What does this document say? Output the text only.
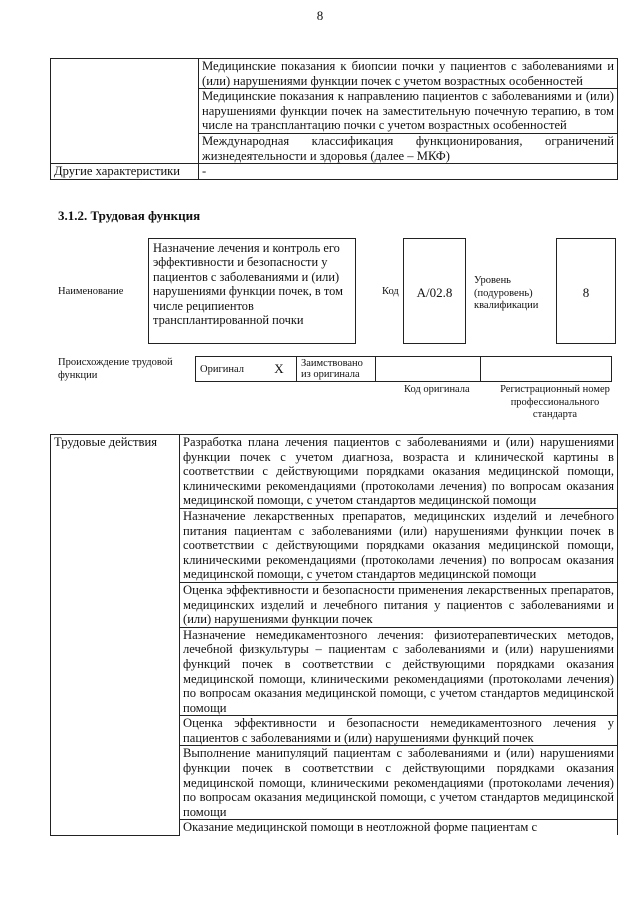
8
	Медицинские показания к биопсии почки у пациентов с заболеваниями и (или) нарушениями функции почек с учетом возрастных особенностей
	Медицинские показания к направлению пациентов с заболеваниями и (или) нарушениями функции почек на заместительную почечную терапию, в том числе на трансплантацию почки с учетом возрастных особенностей
	Международная классификация функционирования, ограничений жизнедеятельности и здоровья (далее – МКФ)
Другие характеристики	-
3.1.2. Трудовая функция
Наименование
Назначение лечения и контроль его эффективности и безопасности у пациентов с заболеваниями и (или) нарушениями функции почек, в том числе реципиентов трансплантированной почки
Код	A/02.8
Уровень (подуровень) квалификации
8
Происхождение трудовой функции
Оригинал	X	Заимствовано из оригинала		
Код оригинала	Регистрационный номер профессионального стандарта
Трудовые действия	Разработка плана лечения пациентов с заболеваниями и (или) нарушениями функции почек с учетом диагноза, возраста и клинической картины в соответствии с действующими порядками оказания медицинской помощи, клиническими рекомендациями (протоколами лечения) по вопросам оказания медицинской помощи, с учетом стандартов медицинской помощи
Назначение лекарственных препаратов, медицинских изделий и лечебного питания пациентам с заболеваниями (или) нарушениями функции почек в соответствии с действующими порядками оказания медицинской помощи, клиническими рекомендациями (протоколами лечения) по вопросам оказания медицинской помощи, с учетом стандартов медицинской помощи
Оценка эффективности и безопасности применения лекарственных препаратов, медицинских изделий и лечебного питания у пациентов с заболеваниями и (или) нарушениями функции почек
Назначение немедикаментозного лечения: физиотерапевтических методов, лечебной физкультуры – пациентам с заболеваниями и (или) нарушениями функций почек в соответствии с действующими порядками оказания медицинской помощи, клиническими рекомендациями (протоколами лечения) по вопросам оказания медицинской помощи, с учетом стандартов медицинской помощи
Оценка эффективности и безопасности немедикаментозного лечения у пациентов с заболеваниями и (или) нарушениями функций почек
Выполнение манипуляций пациентам с заболеваниями и (или) нарушениями функции почек в соответствии с действующими порядками оказания медицинской помощи, клиническими рекомендациями (протоколами лечения) по вопросам оказания медицинской помощи, с учетом стандартов медицинской помощи
Оказание медицинской помощи в неотложной форме пациентам с
